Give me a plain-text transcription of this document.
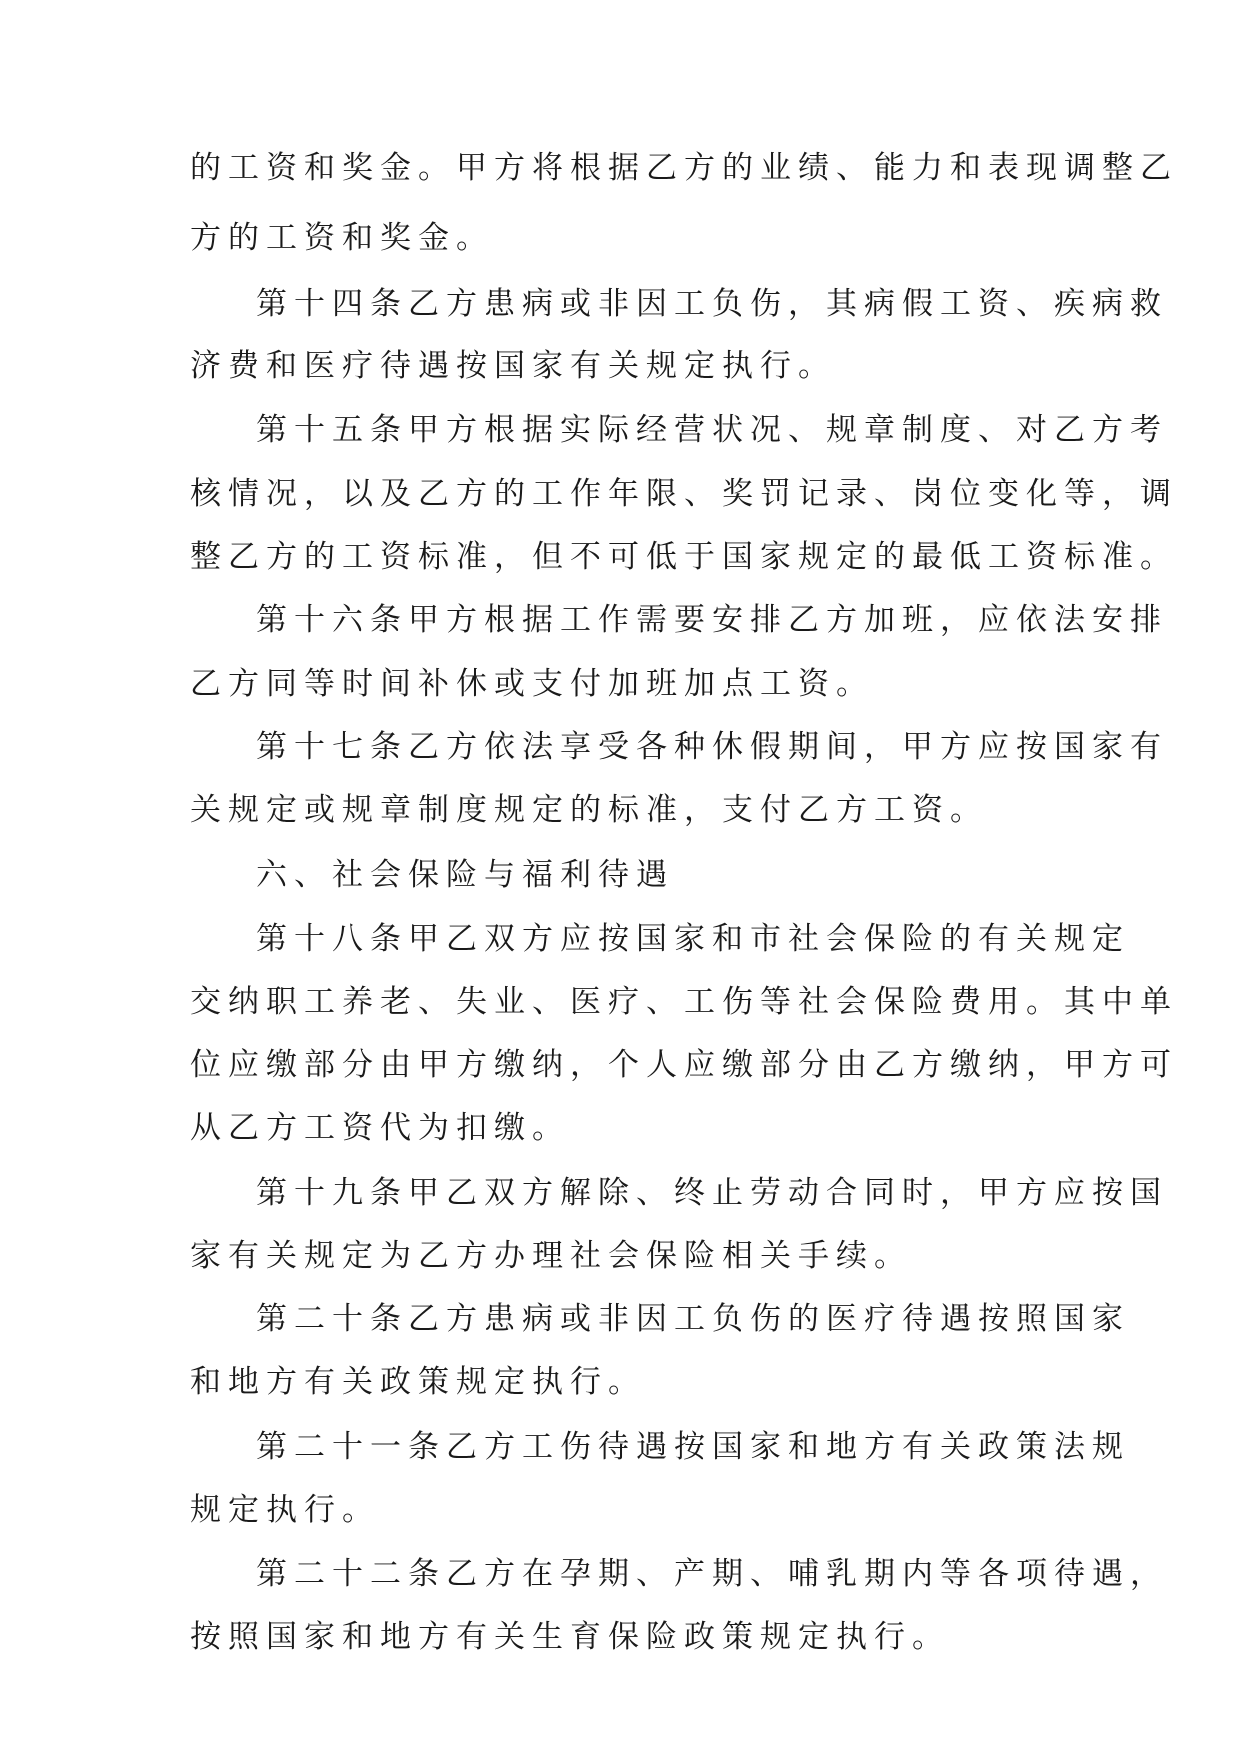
的工资和奖金。甲方将根据乙方的业绩、能力和表现调整乙
方的工资和奖金。
第十四条乙方患病或非因工负伤，其病假工资、疾病救
济费和医疗待遇按国家有关规定执行。
第十五条甲方根据实际经营状况、规章制度、对乙方考
核情况，以及乙方的工作年限、奖罚记录、岗位变化等，调
整乙方的工资标准，但不可低于国家规定的最低工资标准。
第十六条甲方根据工作需要安排乙方加班，应依法安排
乙方同等时间补休或支付加班加点工资。
第十七条乙方依法享受各种休假期间，甲方应按国家有
关规定或规章制度规定的标准，支付乙方工资。
六、社会保险与福利待遇
第十八条甲乙双方应按国家和市社会保险的有关规定
交纳职工养老、失业、医疗、工伤等社会保险费用。其中单
位应缴部分由甲方缴纳，个人应缴部分由乙方缴纳，甲方可
从乙方工资代为扣缴。
第十九条甲乙双方解除、终止劳动合同时，甲方应按国
家有关规定为乙方办理社会保险相关手续。
第二十条乙方患病或非因工负伤的医疗待遇按照国家
和地方有关政策规定执行。
第二十一条乙方工伤待遇按国家和地方有关政策法规
规定执行。
第二十二条乙方在孕期、产期、哺乳期内等各项待遇，
按照国家和地方有关生育保险政策规定执行。
